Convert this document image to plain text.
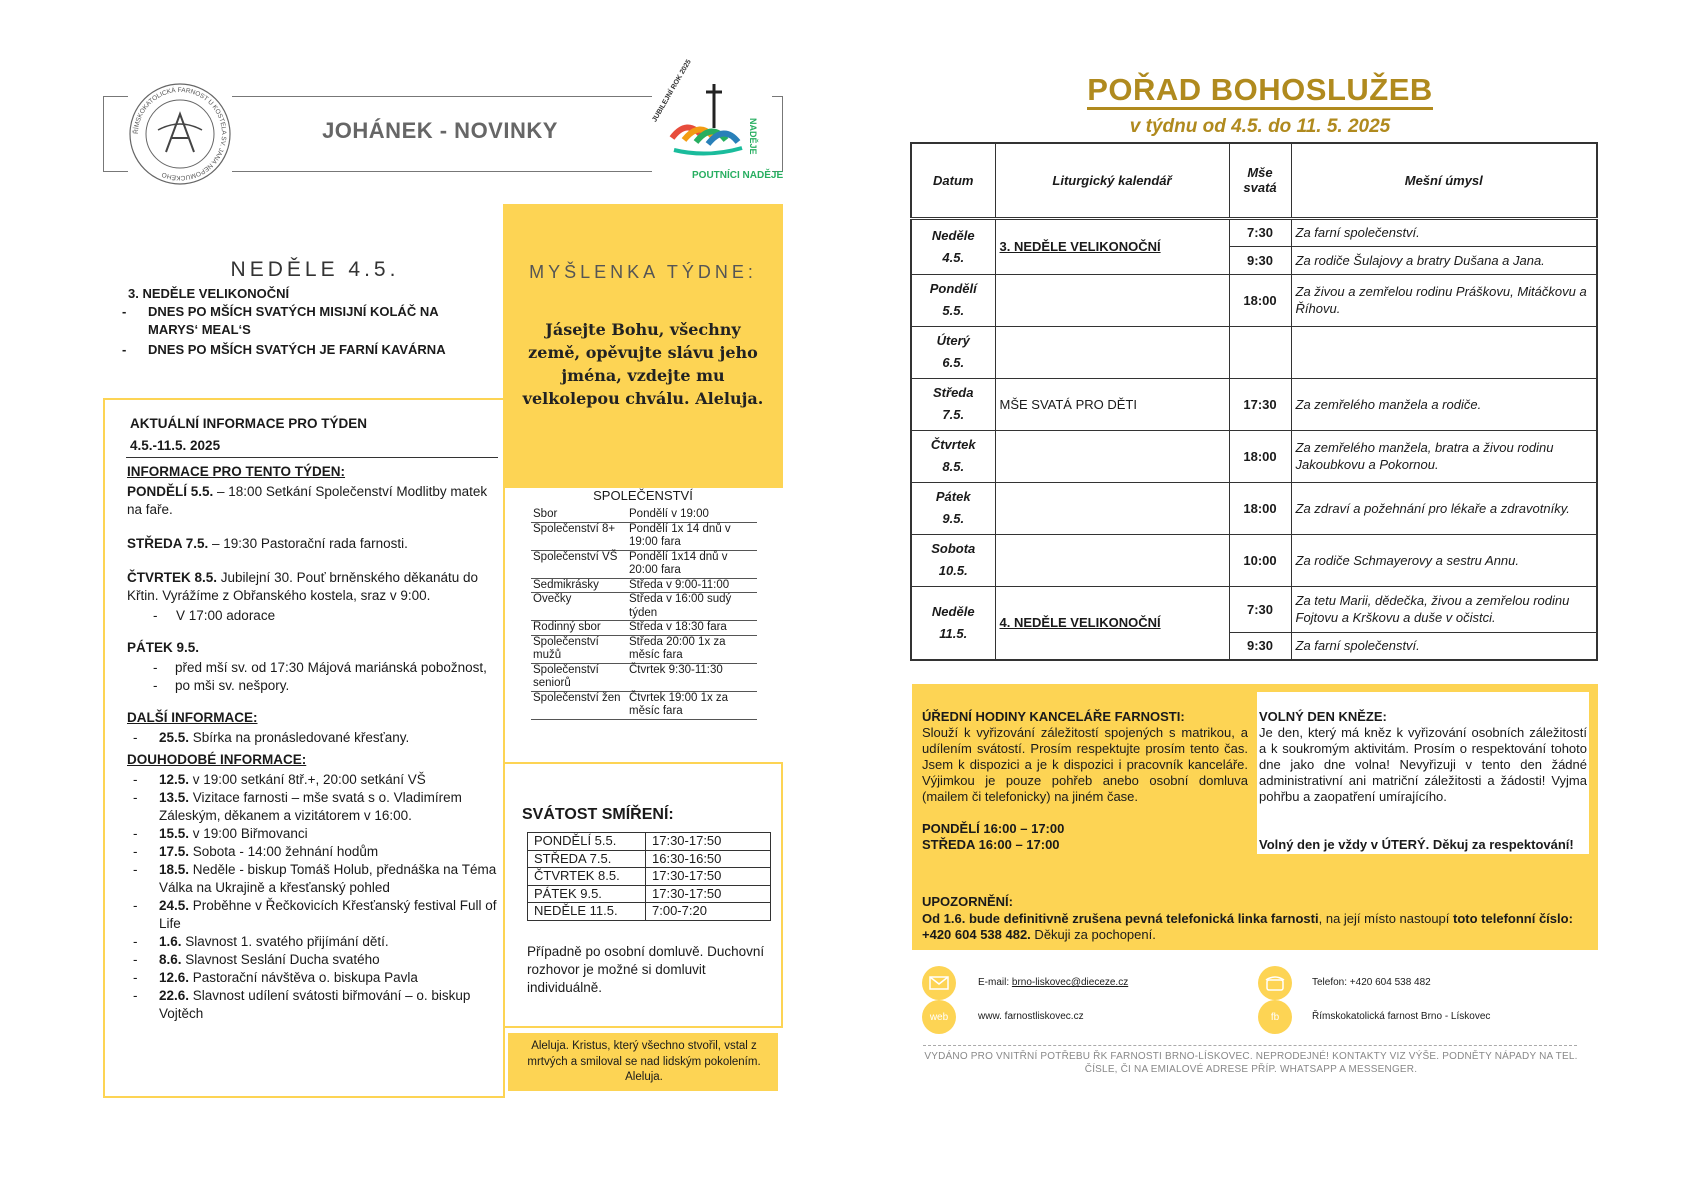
JOHÁNEK - NOVINKY
ŘÍMSKOKATOLICKÁ FARNOST U KOSTELA SV. JANA NEPOMUCKÉHO
JUBILEJNÍ ROK 2025
NADĚJE
POUTNÍCI NADĚJE
NEDĚLE 4.5.
3. NEDĚLE VELIKONOČNÍ
- DNES PO MŠÍCH SVATÝCH MISIJNÍ KOLÁČ NA MARYS‘ MEAL‘S
- DNES PO MŠÍCH SVATÝCH JE FARNÍ KAVÁRNA
MYŠLENKA TÝDNE:
Jásejte Bohu, všechny země, opěvujte slávu jeho jména, vzdejte mu velkolepou chválu. Aleluja.
AKTUÁLNÍ INFORMACE PRO TÝDEN
4.5.-11.5. 2025
INFORMACE PRO TENTO TÝDEN:

PONDĚLÍ 5.5. – 18:00 Setkání Společenství Modlitby matek na faře.

STŘEDA 7.5. – 19:30 Pastorační rada farnosti.

ČTVRTEK 8.5. Jubilejní 30. Pouť brněnského děkanátu do Křtin. Vyrážíme z Obřanského kostela, sraz v 9:00.

- V 17:00 adorace

PÁTEK 9.5.

- před mší sv. od 17:30 Májová mariánská pobožnost,
- po mši sv. nešpory.
DALŠÍ INFORMACE:
- 25.5. Sbírka na pronásledované křesťany.
DOUHODOBÉ INFORMACE:
- 12.5. v 19:00 setkání 8tř.+, 20:00 setkání VŠ
- 13.5. Vizitace farnosti – mše svatá s o. Vladimírem Záleským, děkanem a vizitátorem v 16:00.
- 15.5. v 19:00 Biřmovanci
- 17.5. Sobota - 14:00 žehnání hodům
- 18.5. Neděle - biskup Tomáš Holub, přednáška na Téma Válka na Ukrajině a křesťanský pohled
- 24.5. Proběhne v Řečkovicích Křesťanský festival Full of Life
- 1.6. Slavnost 1. svatého přijímání dětí.
- 8.6. Slavnost Seslání Ducha svatého
- 12.6. Pastorační návštěva o. biskupa Pavla
- 22.6. Slavnost udílení svátosti biřmování – o. biskup Vojtěch
SPOLEČENSTVÍ
Sbor	Pondělí v 19:00
Společenství 8+	Pondělí 1x 14 dnů v 19:00 fara
Společenství VŠ	Pondělí 1x14 dnů v 20:00 fara
Sedmikrásky	Středa v 9:00-11:00
Ovečky	Středa v 16:00 sudý týden
Rodinný sbor	Středa v 18:30 fara
Společenství mužů	Středa 20:00 1x za měsíc fara
Společenství seniorů	Čtvrtek 9:30-11:30
Společenství žen	Čtvrtek 19:00 1x za měsíc fara
SVÁTOST SMÍŘENÍ:
PONDĚLÍ 5.5.	17:30-17:50
STŘEDA 7.5.	16:30-16:50
ČTVRTEK 8.5.	17:30-17:50
PÁTEK 9.5.	17:30-17:50
NEDĚLE 11.5.	7:00-7:20
Případně po osobní domluvě. Duchovní rozhovor je možné si domluvit individuálně.
Aleluja. Kristus, který všechno stvořil, vstal z mrtvých a smiloval se nad lidským pokolením. Aleluja.
POŘAD BOHOSLUŽEB
v týdnu od 4.5. do 11. 5. 2025
Datum	Liturgický kalendář	Mše svatá	Mešní úmysl

Neděle
4.5.	3. NEDĚLE VELIKONOČNÍ	7:30	Za farní společenství.
		9:30	Za rodiče Šulajovy a bratry Dušana a Jana.

Pondělí
5.5.		18:00	Za živou a zemřelou rodinu Práškovu, Mitáčkovu a Říhovu.

Úterý
6.5.			

Středa
7.5.	MŠE SVATÁ PRO DĚTI	17:30	Za zemřelého manžela a rodiče.

Čtvrtek
8.5.		18:00	Za zemřelého manžela, bratra a živou rodinu Jakoubkovu a Pokornou.

Pátek
9.5.		18:00	Za zdraví a požehnání pro lékaře a zdravotníky.

Sobota
10.5.		10:00	Za rodiče Schmayerovy a sestru Annu.

Neděle
11.5.	4. NEDĚLE VELIKONOČNÍ	7:30	Za tetu Marii, dědečka, živou a zemřelou rodinu Fojtovu a Krškovu a duše v očistci.
		9:30	Za farní společenství.
ÚŘEDNÍ HODINY KANCELÁŘE FARNOSTI:
Slouží k vyřizování záležitostí spojených s matrikou, a udílením svátostí. Prosím respektujte prosím tento čas. Jsem k dispozici a je k dispozici i pracovník kanceláře. Výjimkou je pouze pohřeb anebo osobní domluva (mailem či telefonicky) na jiném čase.

PONDĚLÍ 16:00 – 17:00
STŘEDA 16:00 – 17:00
VOLNÝ DEN KNĚZE:
Je den, který má kněz k vyřizování osobních záležitostí a k soukromým aktivitám. Prosím o respektování tohoto dne jako dne volna! Nevyřizuji v tento den žádné administrativní ani matriční záležitosti a žádosti! Vyjma pohřbu a zaopatření umírajícího.

Volný den je vždy v ÚTERÝ. Děkuj za respektování!
UPOZORNĚNÍ:
Od 1.6. bude definitivně zrušena pevná telefonická linka farnosti, na její místo nastoupí toto telefonní číslo: +420 604 538 482. Děkuji za pochopení.
E-mail: brno-liskovec@dieceze.cz	Telefon: +420 604 538 482
web	www. farnostliskovec.cz	fb	Římskokatolická farnost Brno - Lískovec
VYDÁNO PRO VNITŘNÍ POTŘEBU ŘK FARNOSTI BRNO-LÍSKOVEC. NEPRODEJNÉ! KONTAKTY VIZ VÝŠE. PODNĚTY NÁPADY NA TEL. ČÍSLE, ČI NA EMIALOVÉ ADRESE PŘÍP. WHATSAPP A MESSENGER.
